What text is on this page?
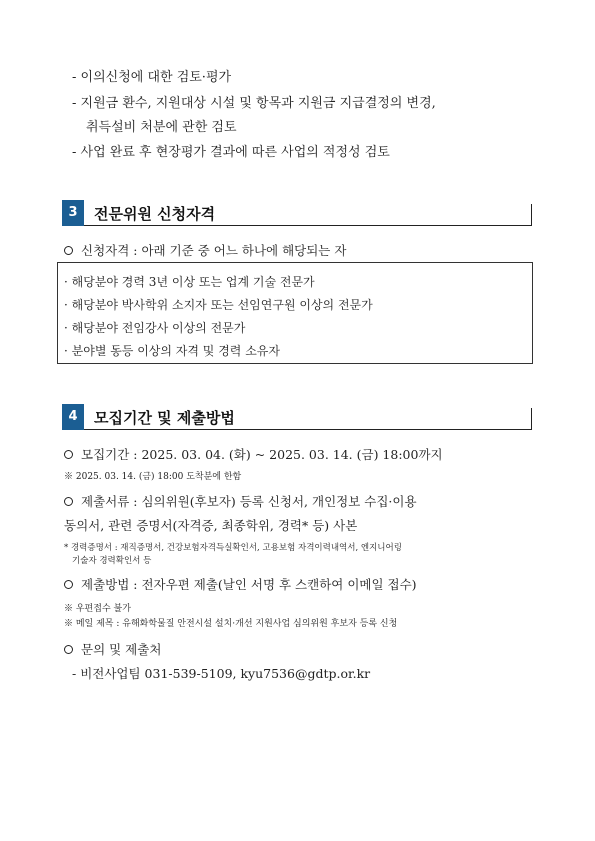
- 이의신청에 대한 검토·평가
- 지원금 환수, 지원대상 시설 및 항목과 지원금 지급결정의 변경,
취득설비 처분에 관한 검토
- 사업 완료 후 현장평가 결과에 따른 사업의 적정성 검토
3	전문위원 신청자격
신청자격 : 아래 기준 중 어느 하나에 해당되는 자
· 해당분야 경력 3년 이상 또는 업계 기술 전문가
· 해당분야 박사학위 소지자 또는 선임연구원 이상의 전문가
· 해당분야 전임강사 이상의 전문가
· 분야별 동등 이상의 자격 및 경력 소유자
4	모집기간 및 제출방법
모집기간 : 2025. 03. 04. (화) ~ 2025. 03. 14. (금) 18:00까지
※ 2025. 03. 14. (금) 18:00 도착분에 한함
제출서류 : 심의위원(후보자) 등록 신청서, 개인정보 수집·이용
동의서, 관련 증명서(자격증, 최종학위, 경력* 등) 사본
* 경력증명서 : 재직증명서, 건강보험자격득실확인서, 고용보험 자격이력내역서, 엔지니어링
기술자 경력확인서 등
제출방법 : 전자우편 제출(날인 서명 후 스캔하여 이메일 접수)
※ 우편접수 불가
※ 메일 제목 : 유해화학물질 안전시설 설치·개선 지원사업 심의위원 후보자 등록 신청
문의 및 제출처
- 비전사업팀 031-539-5109, kyu7536@gdtp.or.kr
